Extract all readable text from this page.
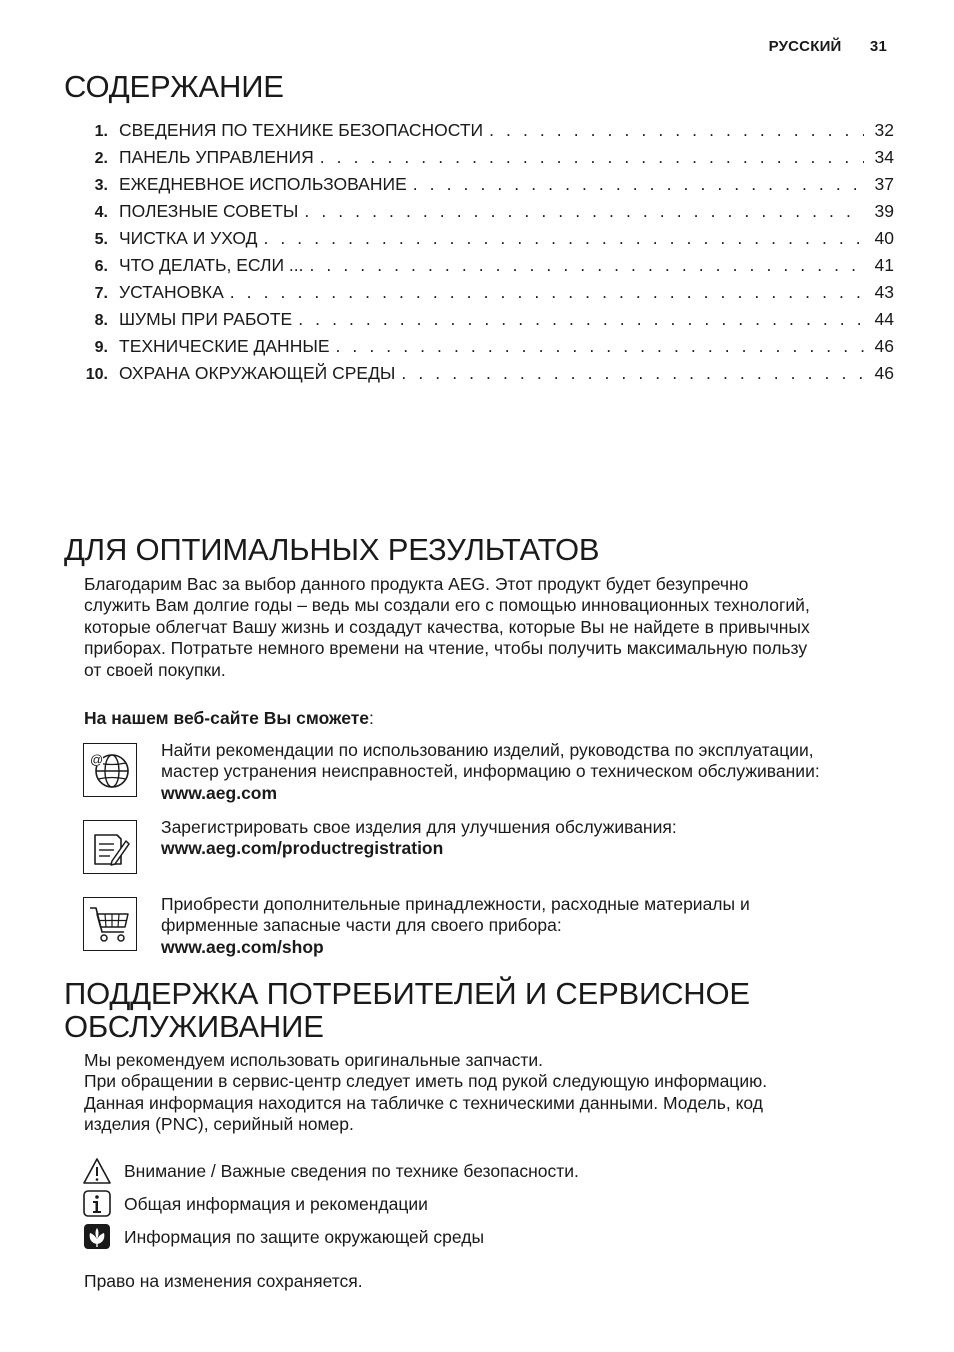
РУССКИЙ 31
СОДЕРЖАНИЕ
1. СВЕДЕНИЯ ПО ТЕХНИКЕ БЕЗОПАСНОСТИ . . .	32
2. ПАНЕЛЬ УПРАВЛЕНИЯ . . .	34
3. ЕЖЕДНЕВНОЕ ИСПОЛЬЗОВАНИЕ . . .	37
4. ПОЛЕЗНЫЕ СОВЕТЫ . . .	39
5. ЧИСТКА И УХОД . . .	40
6. ЧТО ДЕЛАТЬ, ЕСЛИ ... . . .	41
7. УСТАНОВКА . . .	43
8. ШУМЫ ПРИ РАБОТЕ . . .	44
9. ТЕХНИЧЕСКИЕ ДАННЫЕ . . .	46
10. ОХРАНА ОКРУЖАЮЩЕЙ СРЕДЫ . . .	46
ДЛЯ ОПТИМАЛЬНЫХ РЕЗУЛЬТАТОВ
Благодарим Вас за выбор данного продукта AEG. Этот продукт будет безупречно
служить Вам долгие годы – ведь мы создали его с помощью инновационных технологий,
которые облегчат Вашу жизнь и создадут качества, которые Вы не найдете в привычных
приборах. Потратьте немного времени на чтение, чтобы получить максимальную пользу
от своей покупки.
На нашем веб-сайте Вы сможете:
@	Найти рекомендации по использованию изделий, руководства по эксплуатации,
мастер устранения неисправностей, информацию о техническом обслуживании:
www.aeg.com
Зарегистрировать свое изделия для улучшения обслуживания:
www.aeg.com/productregistration
Приобрести дополнительные принадлежности, расходные материалы и
фирменные запасные части для своего прибора:
www.aeg.com/shop
ПОДДЕРЖКА ПОТРЕБИТЕЛЕЙ И СЕРВИСНОЕ
ОБСЛУЖИВАНИЕ
Мы рекомендуем использовать оригинальные запчасти.
При обращении в сервис-центр следует иметь под рукой следующую информацию.
Данная информация находится на табличке с техническими данными. Модель, код
изделия (PNC), серийный номер.
Внимание / Важные сведения по технике безопасности.
Общая информация и рекомендации
Информация по защите окружающей среды
Право на изменения сохраняется.
